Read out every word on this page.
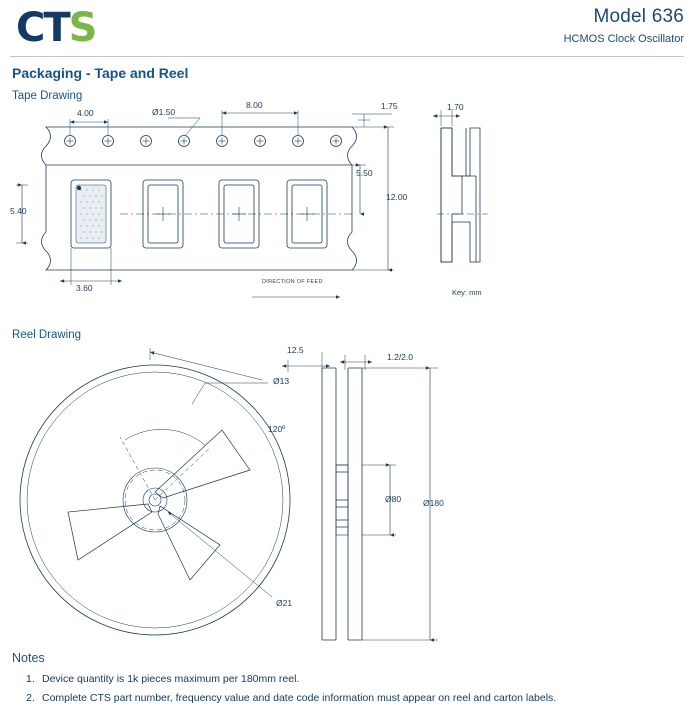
CTS	Model 636
HCMOS Clock Oscillator
Packaging - Tape and Reel
Tape Drawing
Reel Drawing
4.00	Ø1.50
8.00	1.75	1.70
5.50
12.00
5.40
3.60
DIRECTION OF FEED
Key: mm
12.5
1.2/2.0
Ø13
120º
Ø21
Ø80	Ø180
Notes
1. Device quantity is 1k pieces maximum per 180mm reel.
2. Complete CTS part number, frequency value and date code information must appear on reel and carton labels.
